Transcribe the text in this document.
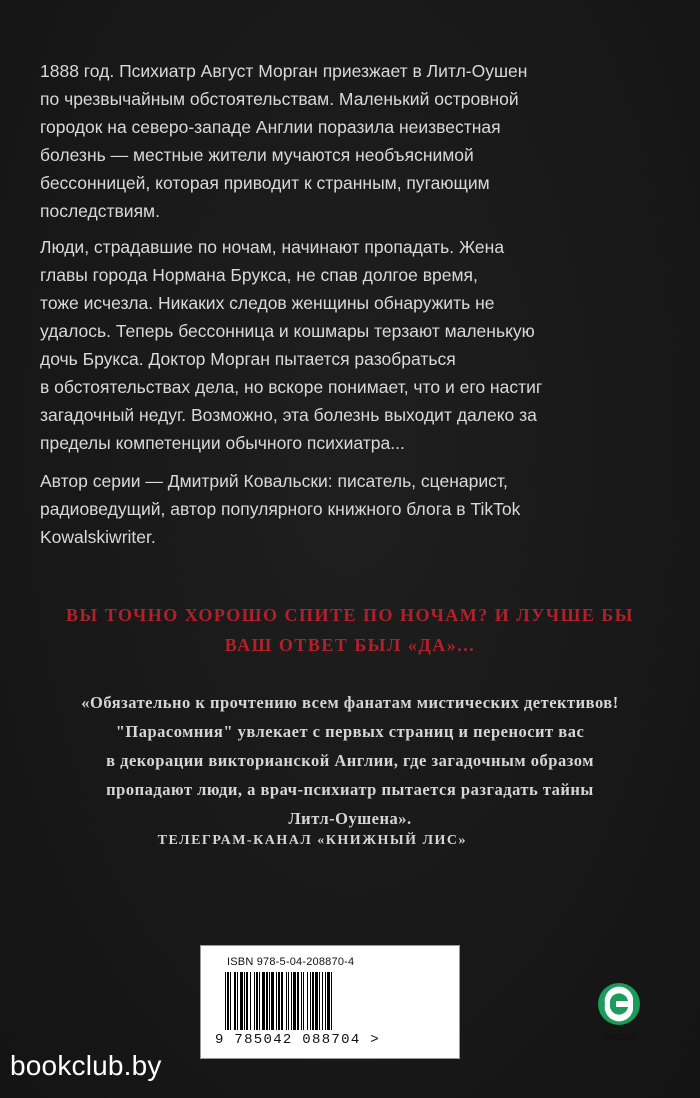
1888 год. Психиатр Август Морган приезжает в Литл-Оушен
по чрезвычайным обстоятельствам. Маленький островной
городок на северо-западе Англии поразила неизвестная
болезнь — местные жители мучаются необъяснимой
бессонницей, которая приводит к странным, пугающим
последствиям.
Люди, страдавшие по ночам, начинают пропадать. Жена
главы города Нормана Брукса, не спав долгое время,
тоже исчезла. Никаких следов женщины обнаружить не
удалось. Теперь бессонница и кошмары терзают маленькую
дочь Брукса. Доктор Морган пытается разобраться
в обстоятельствах дела, но вскоре понимает, что и его настиг
загадочный недуг. Возможно, эта болезнь выходит далеко за
пределы компетенции обычного психиатра...
Автор серии — Дмитрий Ковальски: писатель, сценарист,
радиоведущий, автор популярного книжного блога в TikTok
Kowalskiwriter.
ВЫ ТОЧНО ХОРОШО СПИТЕ ПО НОЧАМ? И ЛУЧШЕ БЫ
ВАШ ОТВЕТ БЫЛ «ДА»...
«Обязательно к прочтению всем фанатам мистических детективов!
"Парасомния" увлекает с первых страниц и переносит вас
в декорации викторианской Англии, где загадочным образом
пропадают люди, а врач-психиатр пытается разгадать тайны
Литл-Оушена».
ТЕЛЕГРАМ-КАНАЛ «КНИЖНЫЙ ЛИС»
ISBN 978-5-04-208870-4
9 785042 088704 >	ЭКСМО
bookclub.by
